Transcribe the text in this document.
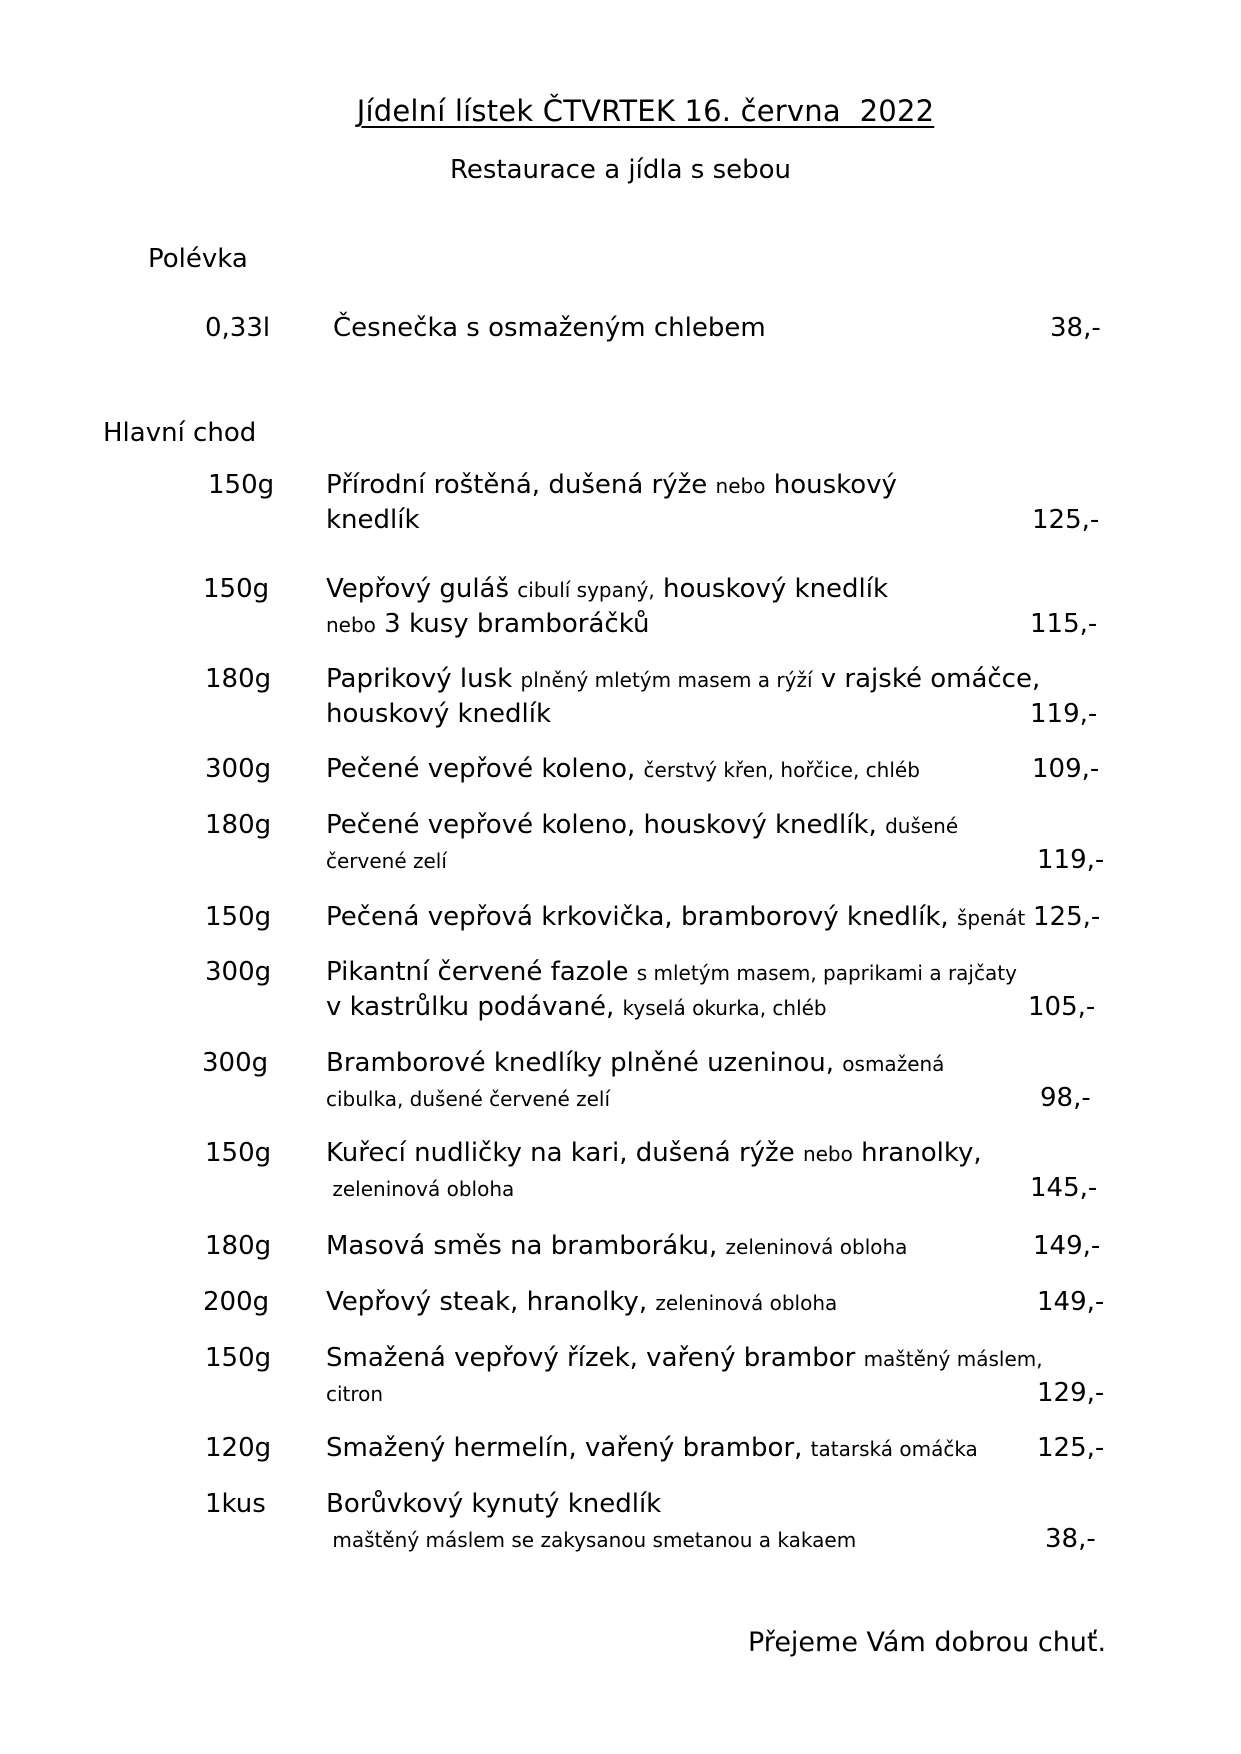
Jídelní lístek ČTVRTEK 16. června  2022
Restaurace a jídla s sebou
Polévka
0,33l Česnečka s osmaženým chlebem	38,-
Hlavní chod
150g Přírodní roštěná, dušená rýže nebo houskový
knedlík	125,-
150g Vepřový guláš cibulí sypaný, houskový knedlík
nebo 3 kusy bramboráčků	115,-
180g Paprikový lusk plněný mletým masem a rýží v rajské omáčce,
houskový knedlík	119,-
300g Pečené vepřové koleno, čerstvý křen, hořčice, chléb	109,-
180g Pečené vepřové koleno, houskový knedlík, dušené
červené zelí	119,-
150g Pečená vepřová krkovička, bramborový knedlík, špenát 125,-
300g Pikantní červené fazole s mletým masem, paprikami a rajčaty
v kastrůlku podávané, kyselá okurka, chléb	105,-
300g Bramborové knedlíky plněné uzeninou, osmažená
cibulka, dušené červené zelí	98,-
150g Kuřecí nudličky na kari, dušená rýže nebo hranolky,
zeleninová obloha	145,-
180g Masová směs na bramboráku, zeleninová obloha	149,-
200g Vepřový steak, hranolky, zeleninová obloha	149,-
150g Smažená vepřový řízek, vařený brambor maštěný máslem,
citron	129,-
120g Smažený hermelín, vařený brambor, tatarská omáčka	125,-
1kus Borůvkový kynutý knedlík
maštěný máslem se zakysanou smetanou a kakaem	38,-
Přejeme Vám dobrou chuť.
